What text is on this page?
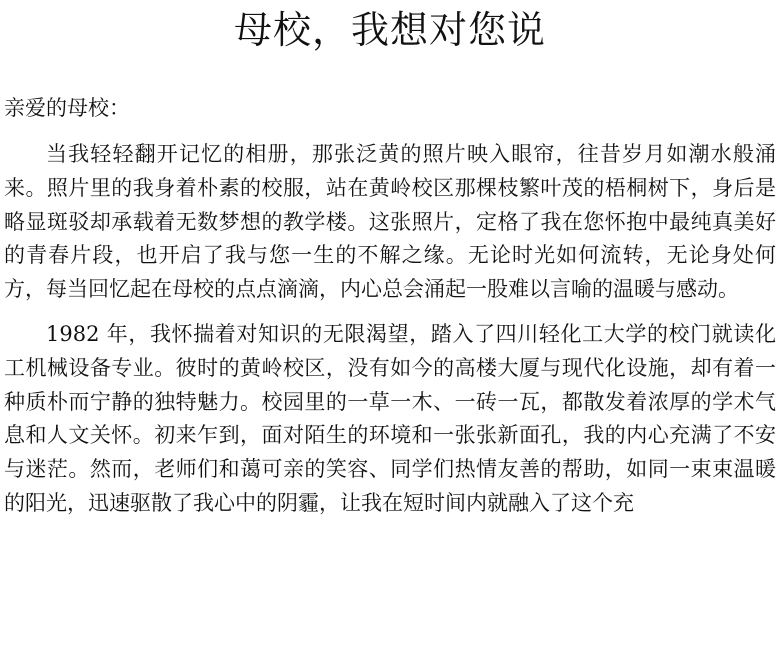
母校，我想对您说

亲爱的母校：

当我轻轻翻开记忆的相册，那张泛黄的照片映入眼帘，往昔岁月如潮水般涌来。照片里的我身着朴素的校服，站在黄岭校区那棵枝繁叶茂的梧桐树下，身后是略显斑驳却承载着无数梦想的教学楼。这张照片，定格了我在您怀抱中最纯真美好的青春片段，也开启了我与您一生的不解之缘。无论时光如何流转，无论身处何方，每当回忆起在母校的点点滴滴，内心总会涌起一股难以言喻的温暖与感动。

1982 年，我怀揣着对知识的无限渴望，踏入了四川轻化工大学的校门就读化工机械设备专业。彼时的黄岭校区，没有如今的高楼大厦与现代化设施，却有着一种质朴而宁静的独特魅力。校园里的一草一木、一砖一瓦，都散发着浓厚的学术气息和人文关怀。初来乍到，面对陌生的环境和一张张新面孔，我的内心充满了不安与迷茫。然而，老师们和蔼可亲的笑容、同学们热情友善的帮助，如同一束束温暖的阳光，迅速驱散了我心中的阴霾，让我在短时间内就融入了这个充
